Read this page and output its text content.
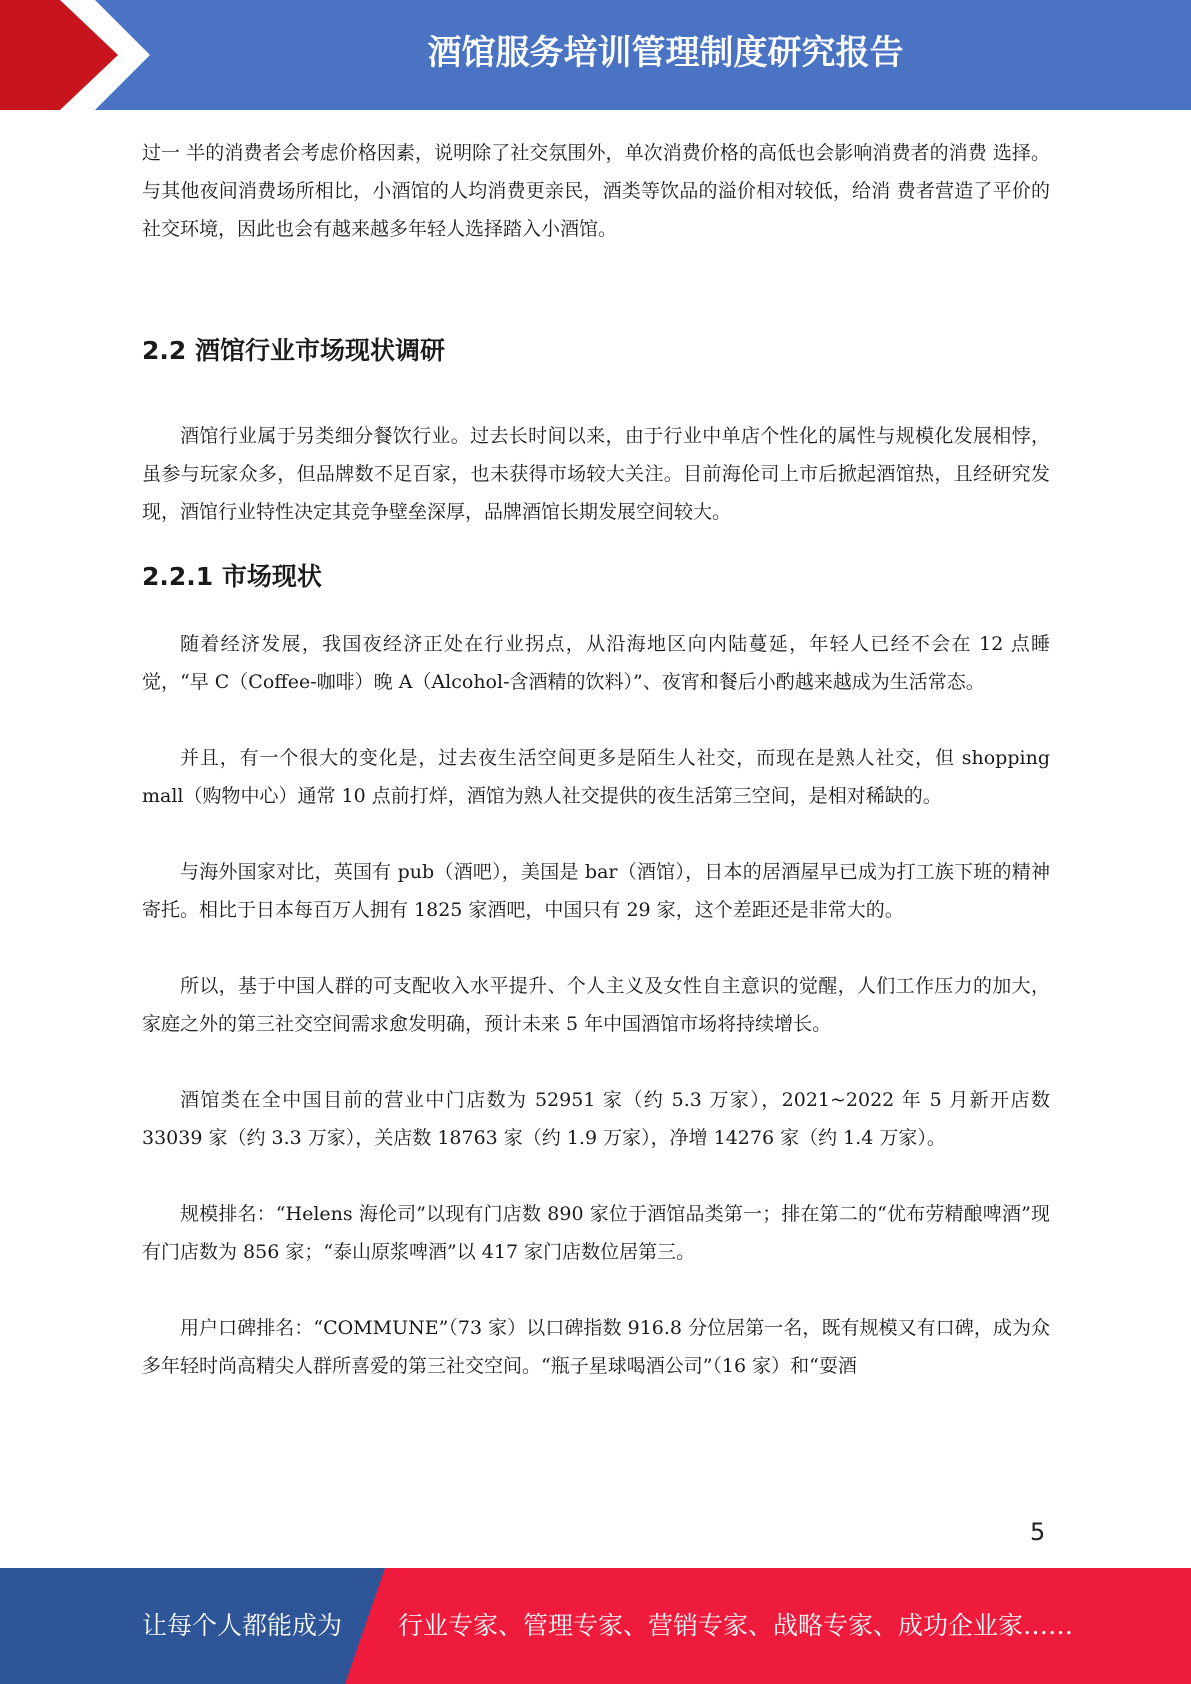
酒馆服务培训管理制度研究报告

过一 半的消费者会考虑价格因素，说明除了社交氛围外，单次消费价格的高低也会影响消费者的消费 选择。与其他夜间消费场所相比，小酒馆的人均消费更亲民，酒类等饮品的溢价相对较低，给消 费者营造了平价的社交环境，因此也会有越来越多年轻人选择踏入小酒馆。

2.2 酒馆行业市场现状调研

酒馆行业属于另类细分餐饮行业。过去长时间以来，由于行业中单店个性化的属性与规模化发展相悖，虽参与玩家众多，但品牌数不足百家，也未获得市场较大关注。目前海伦司上市后掀起酒馆热，且经研究发现，酒馆行业特性决定其竞争壁垒深厚，品牌酒馆长期发展空间较大。

2.2.1 市场现状

随着经济发展，我国夜经济正处在行业拐点，从沿海地区向内陆蔓延，年轻人已经不会在 12 点睡觉，“早 C（Coffee-咖啡）晚 A（Alcohol-含酒精的饮料）”、夜宵和餐后小酌越来越成为生活常态。

并且，有一个很大的变化是，过去夜生活空间更多是陌生人社交，而现在是熟人社交，但 shopping mall（购物中心）通常 10 点前打烊，酒馆为熟人社交提供的夜生活第三空间，是相对稀缺的。

与海外国家对比，英国有 pub（酒吧），美国是 bar（酒馆），日本的居酒屋早已成为打工族下班的精神寄托。相比于日本每百万人拥有 1825 家酒吧，中国只有 29 家，这个差距还是非常大的。

所以，基于中国人群的可支配收入水平提升、个人主义及女性自主意识的觉醒，人们工作压力的加大，家庭之外的第三社交空间需求愈发明确，预计未来 5 年中国酒馆市场将持续增长。

酒馆类在全中国目前的营业中门店数为 52951 家（约 5.3 万家），2021~2022 年 5 月新开店数 33039 家（约 3.3 万家），关店数 18763 家（约 1.9 万家），净增 14276 家（约 1.4 万家）。

规模排名：“Helens 海伦司”以现有门店数 890 家位于酒馆品类第一；排在第二的“优布劳精酿啤酒”现有门店数为 856 家；“泰山原浆啤酒”以 417 家门店数位居第三。

用户口碑排名：“COMMUNE”（73 家）以口碑指数 916.8 分位居第一名，既有规模又有口碑，成为众多年轻时尚高精尖人群所喜爱的第三社交空间。“瓶子星球喝酒公司”（16 家）和“耍酒

5
让每个人都能成为 行业专家、管理专家、营销专家、战略专家、成功企业家……
